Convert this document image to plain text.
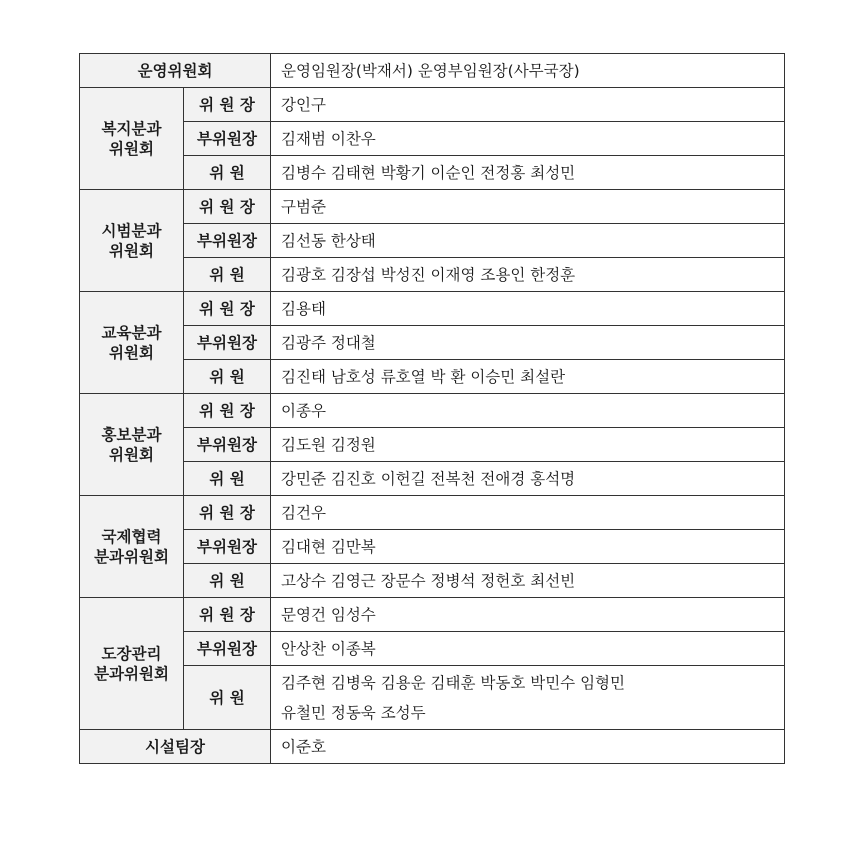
운영위원회		운영임원장(박재서) 운영부임원장(사무국장)

복지분과
위원회	위 원 장	강인구
	부위원장	김재범 이찬우
	위 원	김병수 김태현 박황기 이순인 전정홍 최성민

시범분과
위원회	위 원 장	구범준
	부위원장	김선동 한상태
	위 원	김광호 김장섭 박성진 이재영 조용인 한정훈

교육분과
위원회	위 원 장	김용태
	부위원장	김광주 정대철
	위 원	김진태 남호성 류호열 박 환 이승민 최설란

홍보분과
위원회	위 원 장	이종우
	부위원장	김도원 김정원
	위 원	강민준 김진호 이헌길 전복천 전애경 홍석명

국제협력
분과위원회	위 원 장	김건우
	부위원장	김대현 김만복
	위 원	고상수 김영근 장문수 정병석 정헌호 최선빈

도장관리
분과위원회	위 원 장	문영건 임성수
	부위원장	안상찬 이종복
	위 원	김주현 김병욱 김용운 김태훈 박동호 박민수 임형민
유철민 정동욱 조성두

시설팀장		이준호
